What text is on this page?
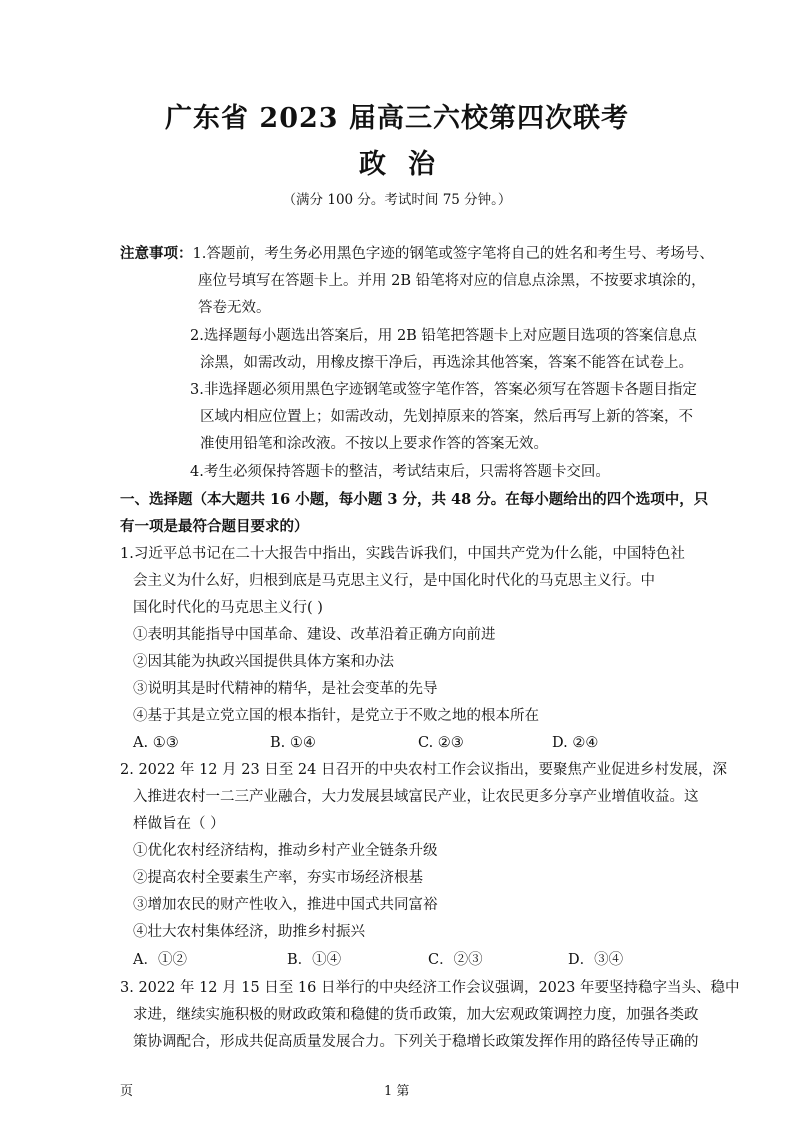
广东省 2023 届高三六校第四次联考
政治
（满分 100 分。考试时间 75 分钟。）
注意事项：1.答题前，考生务必用黑色字迹的钢笔或签字笔将自己的姓名和考生号、考场号、
座位号填写在答题卡上。并用 2B 铅笔将对应的信息点涂黑，不按要求填涂的，
答卷无效。
2.选择题每小题选出答案后，用 2B 铅笔把答题卡上对应题目选项的答案信息点
涂黑，如需改动，用橡皮擦干净后，再选涂其他答案，答案不能答在试卷上。
3.非选择题必须用黑色字迹钢笔或签字笔作答，答案必须写在答题卡各题目指定
区域内相应位置上；如需改动，先划掉原来的答案，然后再写上新的答案，不
准使用铅笔和涂改液。不按以上要求作答的答案无效。
4.考生必须保持答题卡的整洁，考试结束后，只需将答题卡交回。
一、选择题（本大题共 16 小题，每小题 3 分，共 48 分。在每小题给出的四个选项中，只
有一项是最符合题目要求的）
1.习近平总书记在二十大报告中指出，实践告诉我们，中国共产党为什么能，中国特色社
会主义为什么好，归根到底是马克思主义行，是中国化时代化的马克思主义行。中
国化时代化的马克思主义行( )
①表明其能指导中国革命、建设、改革沿着正确方向前进
②因其能为执政兴国提供具体方案和办法
③说明其是时代精神的精华，是社会变革的先导
④基于其是立党立国的根本指针，是党立于不败之地的根本所在
A. ①③	B. ①④	C. ②③	D. ②④
2. 2022 年 12 月 23 日至 24 日召开的中央农村工作会议指出，要聚焦产业促进乡村发展，深
入推进农村一二三产业融合，大力发展县域富民产业，让农民更多分享产业增值收益。这
样做旨在（ ）
①优化农村经济结构，推动乡村产业全链条升级
②提高农村全要素生产率，夯实市场经济根基
③增加农民的财产性收入，推进中国式共同富裕
④壮大农村集体经济，助推乡村振兴
A．①②	B．①④	C．②③	D．③④
3. 2022 年 12 月 15 日至 16 日举行的中央经济工作会议强调，2023 年要坚持稳字当头、稳中
求进，继续实施积极的财政政策和稳健的货币政策，加大宏观政策调控力度，加强各类政
策协调配合，形成共促高质量发展合力。下列关于稳增长政策发挥作用的路径传导正确的
页	1 第
